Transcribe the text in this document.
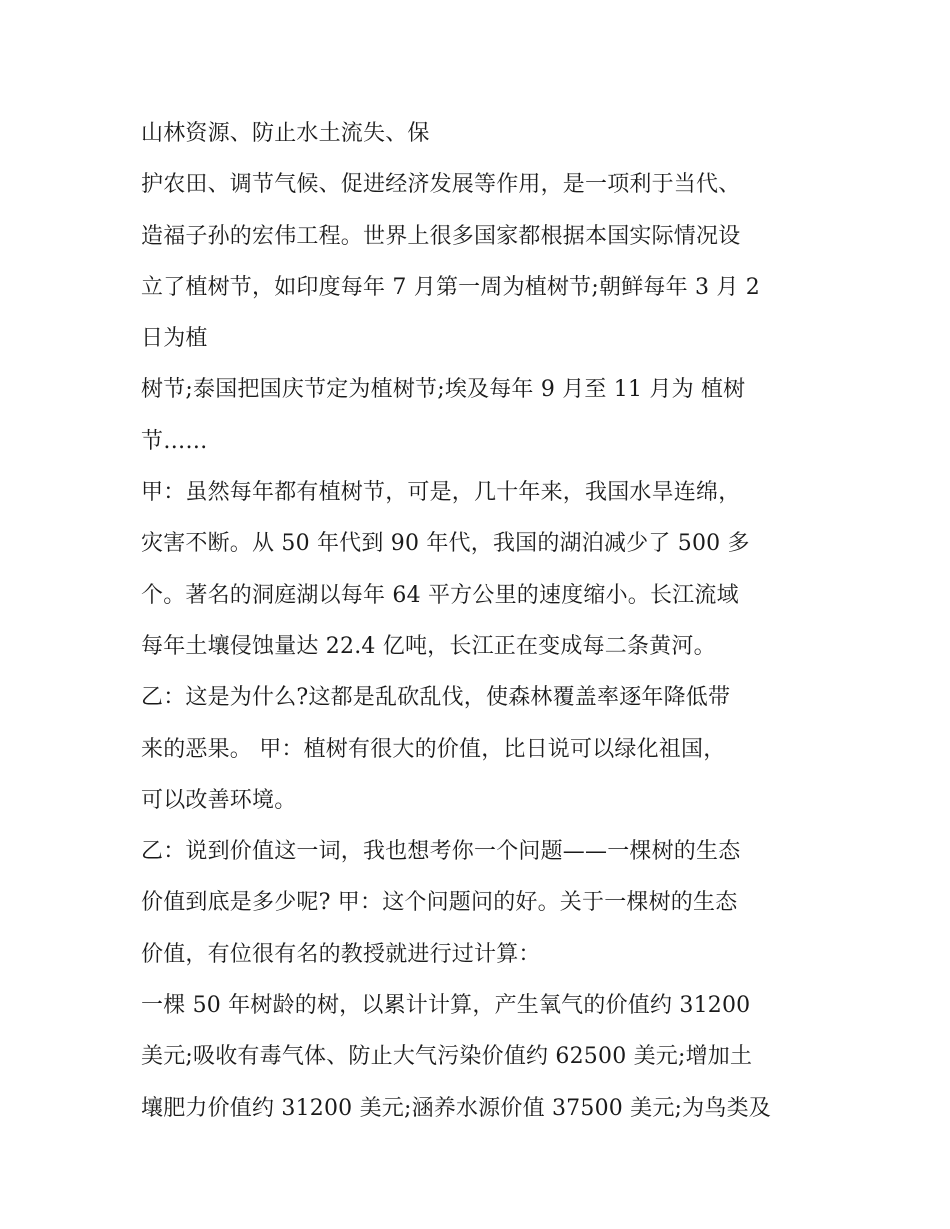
山林资源、防止水土流失、保
护农田、调节气候、促进经济发展等作用，是一项利于当代、
造福子孙的宏伟工程。世界上很多国家都根据本国实际情况设
立了植树节，如印度每年 7 月第一周为植树节;朝鲜每年 3 月 2
日为植
树节;泰国把国庆节定为植树节;埃及每年 9 月至 11 月为 植树
节……
甲：虽然每年都有植树节，可是，几十年来，我国水旱连绵，
灾害不断。从 50 年代到 90 年代，我国的湖泊减少了 500 多
个。著名的洞庭湖以每年 64 平方公里的速度缩小。长江流域
每年土壤侵蚀量达 22.4 亿吨，长江正在变成每二条黄河。
乙：这是为什么?这都是乱砍乱伐，使森林覆盖率逐年降低带
来的恶果。 甲：植树有很大的价值，比日说可以绿化祖国，
可以改善环境。
乙：说到价值这一词，我也想考你一个问题——一棵树的生态
价值到底是多少呢? 甲：这个问题问的好。关于一棵树的生态
价值，有位很有名的教授就进行过计算：
一棵 50 年树龄的树，以累计计算，产生氧气的价值约 31200
美元;吸收有毒气体、防止大气污染价值约 62500 美元;增加土
壤肥力价值约 31200 美元;涵养水源价值 37500 美元;为鸟类及
